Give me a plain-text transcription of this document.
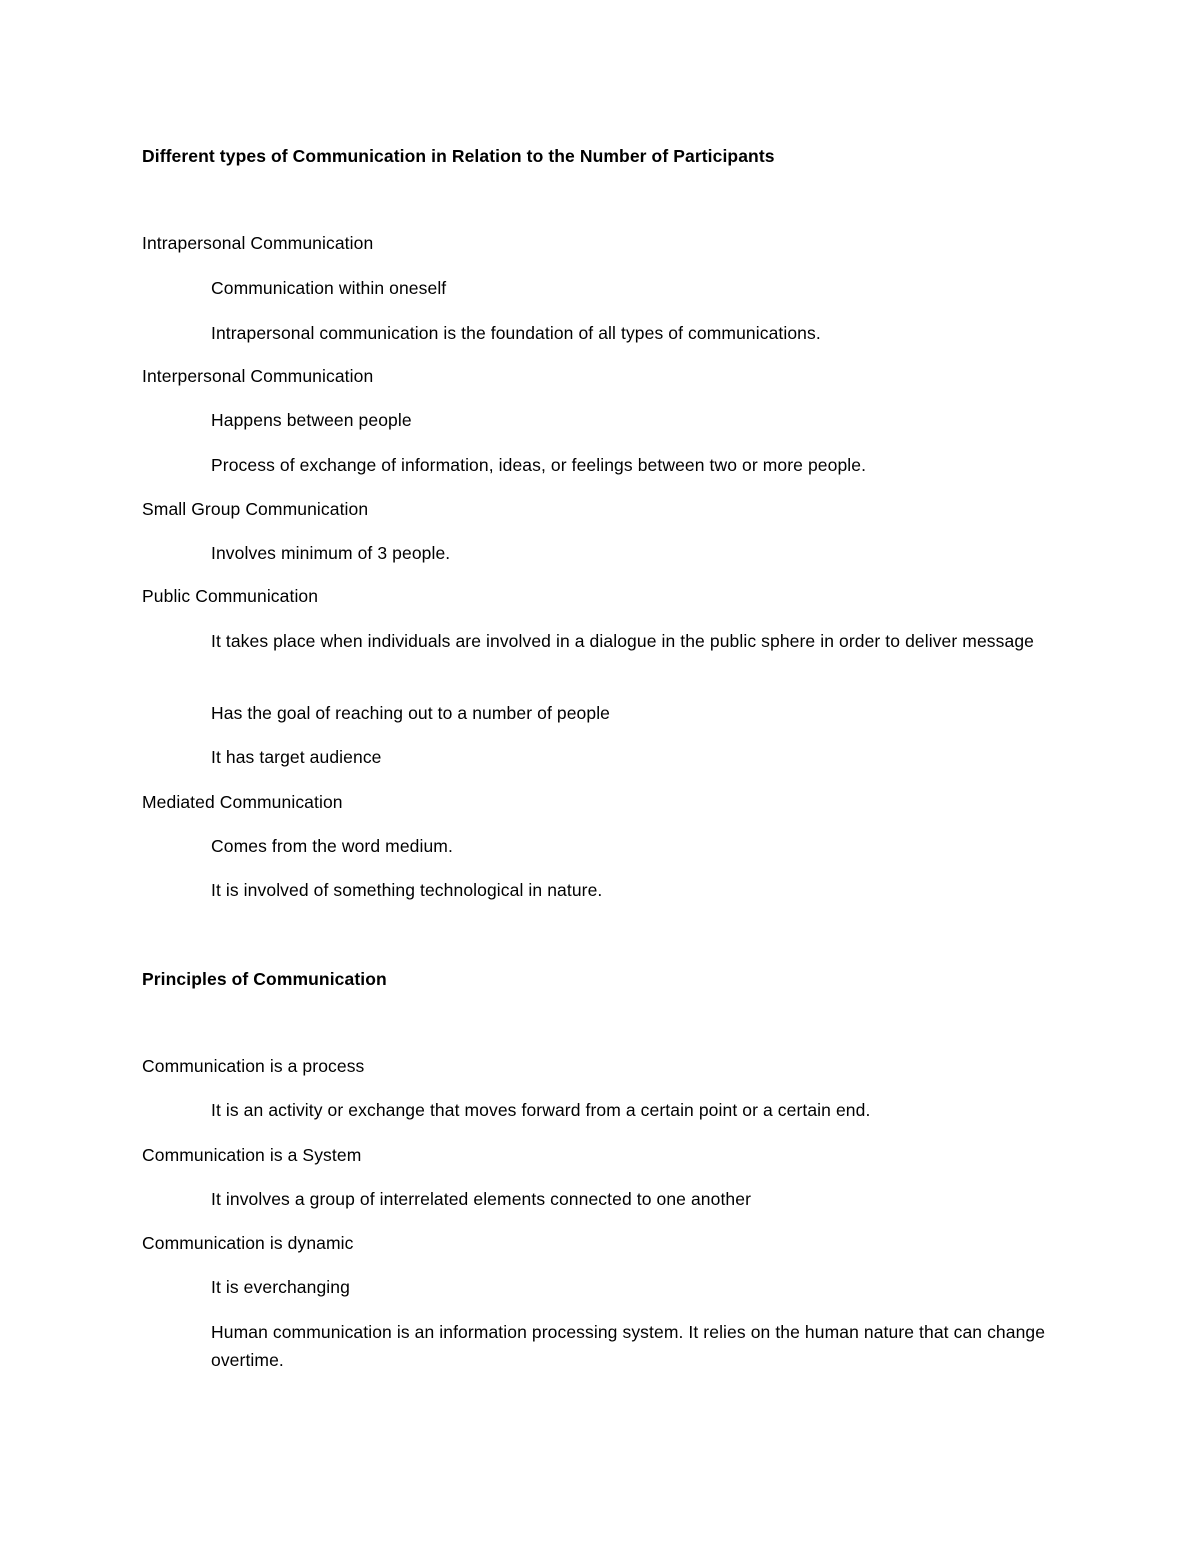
Different types of Communication in Relation to the Number of Participants
Intrapersonal Communication
Communication within oneself
Intrapersonal communication is the foundation of all types of communications.
Interpersonal Communication
Happens between people
Process of exchange of information, ideas, or feelings between two or more people.
Small Group Communication
Involves minimum of 3 people.
Public Communication
It takes place when individuals are involved in a dialogue in the public sphere in order to deliver message
Has the goal of reaching out to a number of people
It has target audience
Mediated Communication
Comes from the word medium.
It is involved of something technological in nature.
Principles of Communication
Communication is a process
It is an activity or exchange that moves forward from a certain point or a certain end.
Communication is a System
It involves a group of interrelated elements connected to one another
Communication is dynamic
It is everchanging
Human communication is an information processing system. It relies on the human nature that can change overtime.
